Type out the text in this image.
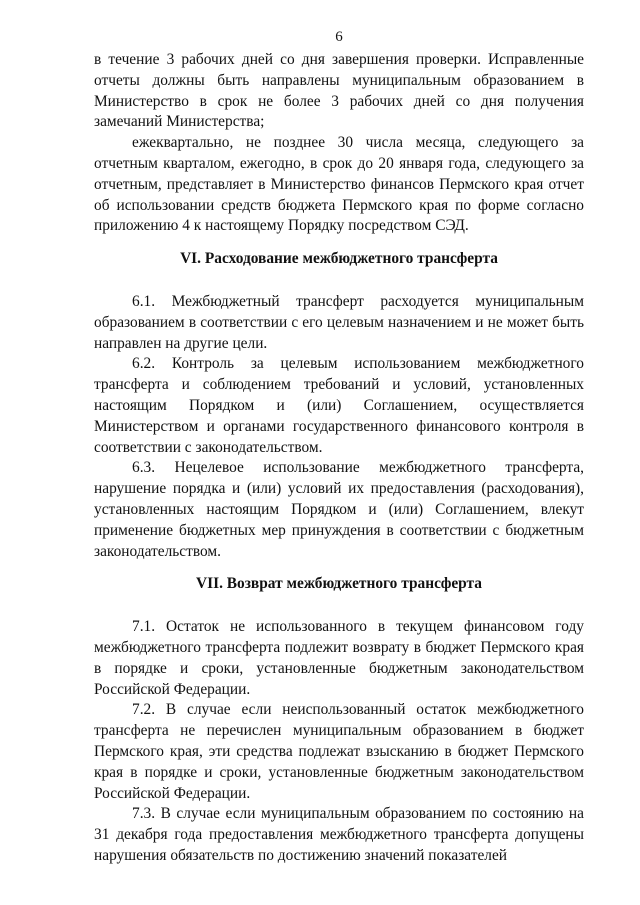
6

в течение 3 рабочих дней со дня завершения проверки. Исправленные отчеты должны быть направлены муниципальным образованием в Министерство в срок не более 3 рабочих дней со дня получения замечаний Министерства;

ежеквартально, не позднее 30 числа месяца, следующего за отчетным кварталом, ежегодно, в срок до 20 января года, следующего за отчетным, представляет в Министерство финансов Пермского края отчет об использовании средств бюджета Пермского края по форме согласно приложению 4 к настоящему Порядку посредством СЭД.

VI. Расходование межбюджетного трансферта

6.1. Межбюджетный трансферт расходуется муниципальным образованием в соответствии с его целевым назначением и не может быть направлен на другие цели.

6.2. Контроль за целевым использованием межбюджетного трансферта и соблюдением требований и условий, установленных настоящим Порядком и (или) Соглашением, осуществляется Министерством и органами государственного финансового контроля в соответствии с законодательством.

6.3. Нецелевое использование межбюджетного трансферта, нарушение порядка и (или) условий их предоставления (расходования), установленных настоящим Порядком и (или) Соглашением, влекут применение бюджетных мер принуждения в соответствии с бюджетным законодательством.

VII. Возврат межбюджетного трансферта

7.1. Остаток не использованного в текущем финансовом году межбюджетного трансферта подлежит возврату в бюджет Пермского края в порядке и сроки, установленные бюджетным законодательством Российской Федерации.

7.2. В случае если неиспользованный остаток межбюджетного трансферта не перечислен муниципальным образованием в бюджет Пермского края, эти средства подлежат взысканию в бюджет Пермского края в порядке и сроки, установленные бюджетным законодательством Российской Федерации.

7.3. В случае если муниципальным образованием по состоянию на 31 декабря года предоставления межбюджетного трансферта допущены нарушения обязательств по достижению значений показателей
